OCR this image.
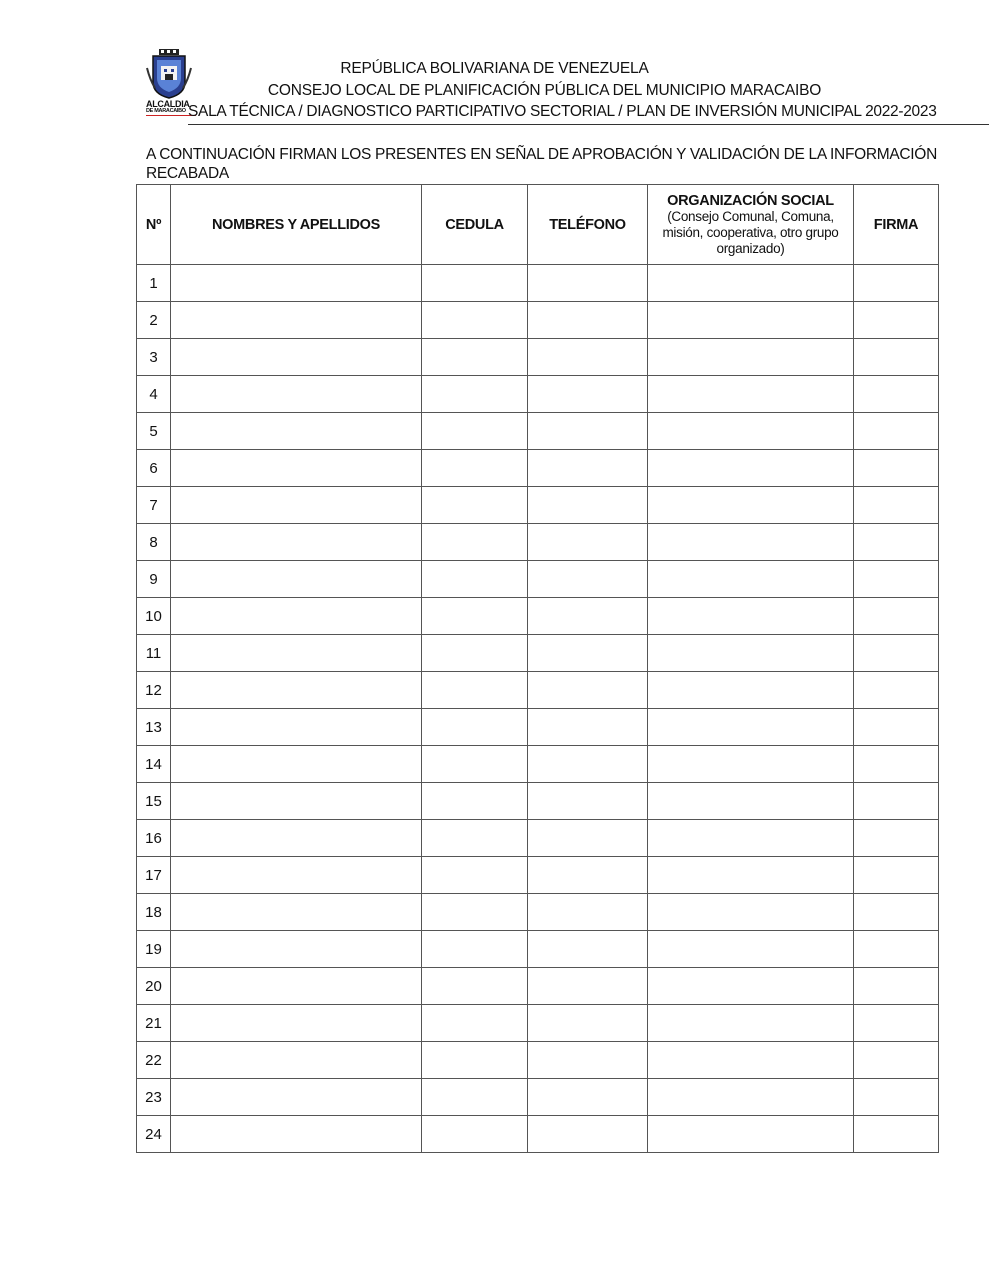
ALCALDIA
DE MARACAIBO
REPÚBLICA BOLIVARIANA DE VENEZUELA
CONSEJO LOCAL DE PLANIFICACIÓN PÚBLICA DEL MUNICIPIO MARACAIBO
SALA TÉCNICA / DIAGNOSTICO PARTICIPATIVO SECTORIAL / PLAN DE INVERSIÓN MUNICIPAL 2022-2023
A CONTINUACIÓN FIRMAN LOS PRESENTES EN SEÑAL DE APROBACIÓN Y VALIDACIÓN DE LA INFORMACIÓN RECABADA
Nº	NOMBRES Y APELLIDOS	CEDULA	TELÉFONO	ORGANIZACIÓN SOCIAL
(Consejo Comunal, Comuna, misión, cooperativa, otro grupo organizado)	FIRMA
1					
2					
3					
4					
5					
6					
7					
8					
9					
10					
11					
12					
13					
14					
15					
16					
17					
18					
19					
20					
21					
22					
23					
24					
